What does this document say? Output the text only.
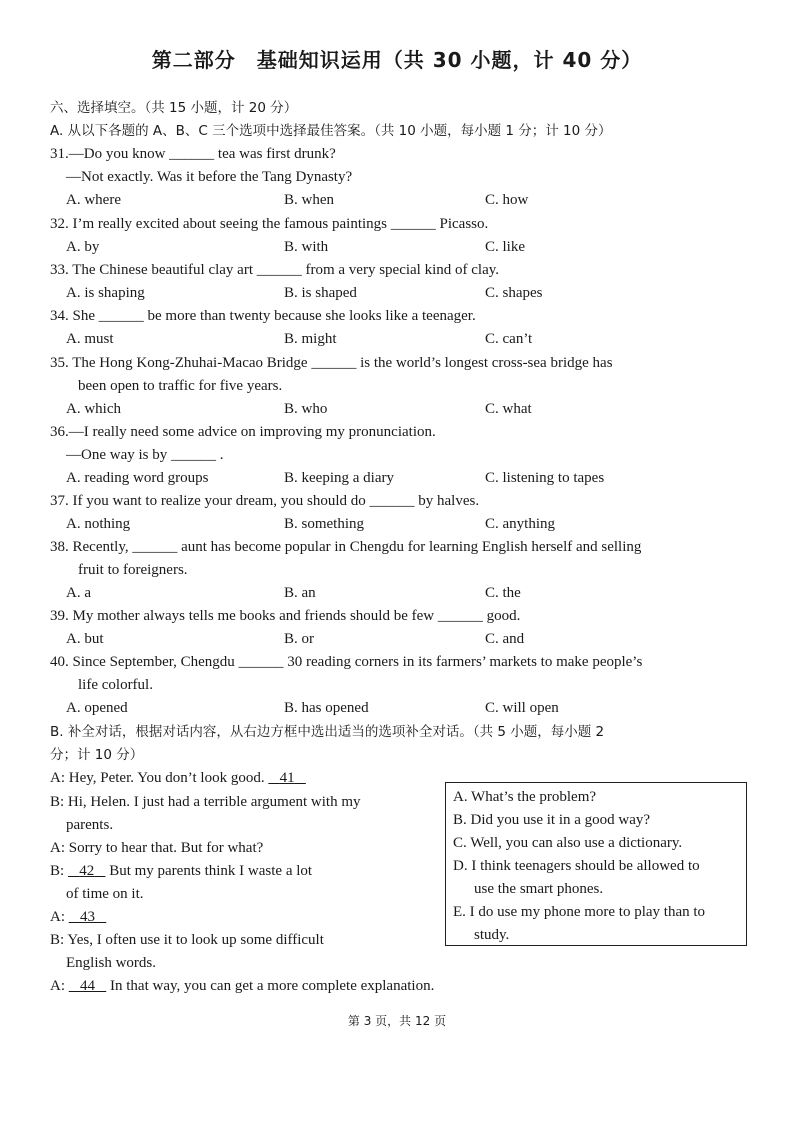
第二部分　基础知识运用（共 30 小题，计 40 分）
六、选择填空。（共 15 小题，计 20 分）
A. 从以下各题的 A、B、C 三个选项中选择最佳答案。（共 10 小题，每小题 1 分；计 10 分）
31.—Do you know ______ tea was first drunk?
—Not exactly. Was it before the Tang Dynasty?
A. where	B. when	C. how
32. I’m really excited about seeing the famous paintings ______ Picasso.
A. by	B. with	C. like
33. The Chinese beautiful clay art ______ from a very special kind of clay.
A. is shaping	B. is shaped	C. shapes
34. She ______ be more than twenty because she looks like a teenager.
A. must	B. might	C. can’t
35. The Hong Kong-Zhuhai-Macao Bridge ______ is the world’s longest cross-sea bridge has
been open to traffic for five years.
A. which	B. who	C. what
36.—I really need some advice on improving my pronunciation.
—One way is by ______ .
A. reading word groups	B. keeping a diary	C. listening to tapes
37. If you want to realize your dream, you should do ______ by halves.
A. nothing	B. something	C. anything
38. Recently, ______ aunt has become popular in Chengdu for learning English herself and selling
fruit to foreigners.
A. a	B. an	C. the
39. My mother always tells me books and friends should be few ______ good.
A. but	B. or	C. and
40. Since September, Chengdu ______ 30 reading corners in its farmers’ markets to make people’s
life colorful.
A. opened	B. has opened	C. will open
B. 补全对话，根据对话内容，从右边方框中选出适当的选项补全对话。（共 5 小题，每小题 2
分；计 10 分）
A: Hey, Peter. You don’t look good.    41
B: Hi, Helen. I just had a terrible argument with my
parents.
A: Sorry to hear that. But for what?
B:    42    But my parents think I waste a lot
of time on it.
A:    43
B: Yes, I often use it to look up some difficult
English words.
A:    44    In that way, you can get a more complete explanation.
A. What’s the problem?
B. Did you use it in a good way?
C. Well, you can also use a dictionary.
D. I think teenagers should be allowed to
use the smart phones.
E. I do use my phone more to play than to
study.
第 3 页，共 12 页
